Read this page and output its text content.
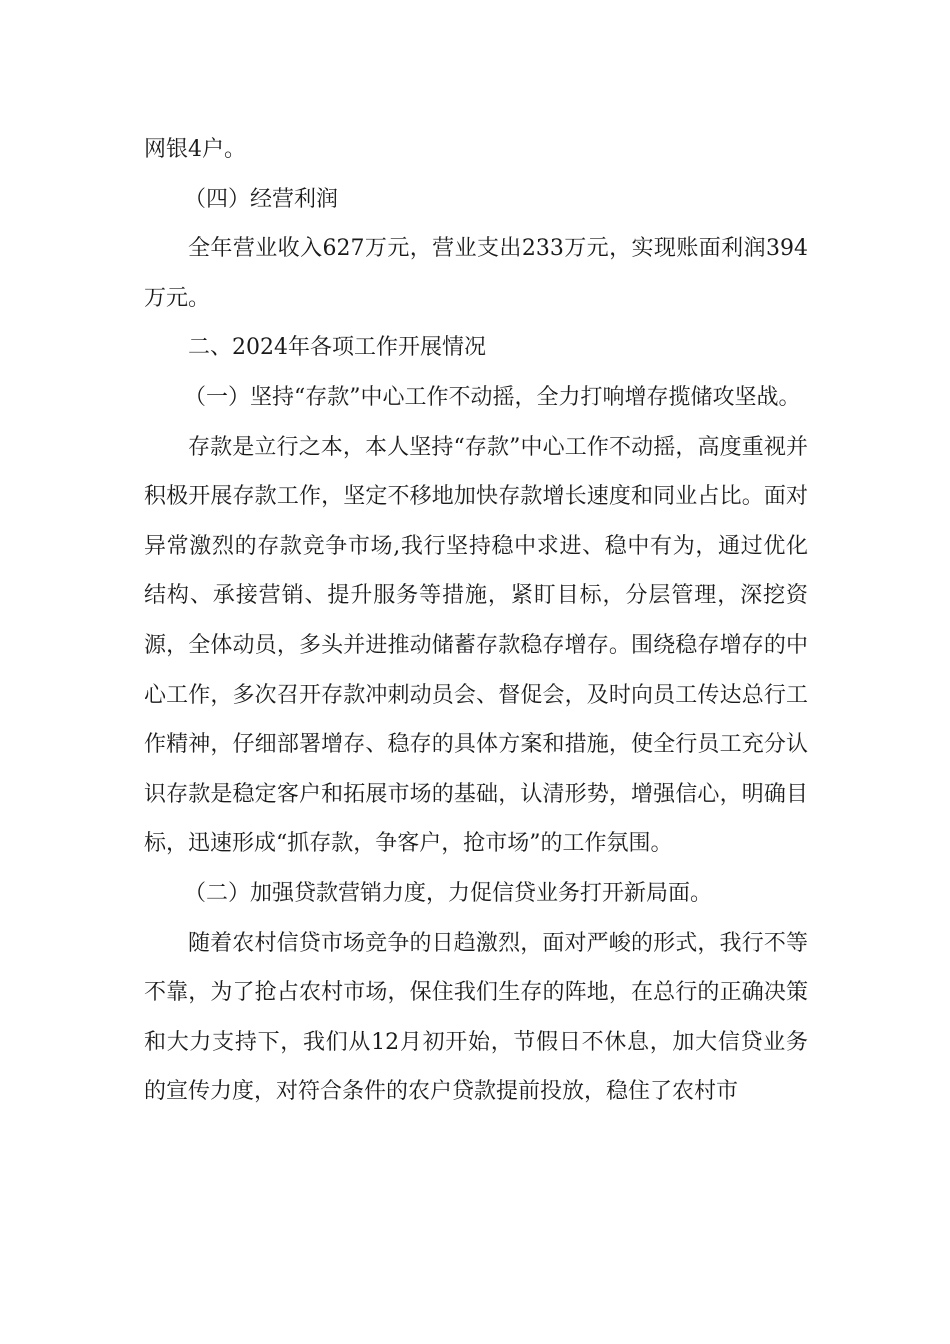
网银4户。

（四）经营利润

全年营业收入627万元，营业支出233万元，实现账面利润394万元。

二、2024年各项工作开展情况

（一）坚持“存款”中心工作不动摇，全力打响增存揽储攻坚战。

存款是立行之本，本人坚持“存款”中心工作不动摇，高度重视并积极开展存款工作，坚定不移地加快存款增长速度和同业占比。面对异常激烈的存款竞争市场,我行坚持稳中求进、稳中有为，通过优化结构、承接营销、提升服务等措施，紧盯目标，分层管理，深挖资源，全体动员，多头并进推动储蓄存款稳存增存。围绕稳存增存的中心工作，多次召开存款冲刺动员会、督促会，及时向员工传达总行工作精神，仔细部署增存、稳存的具体方案和措施，使全行员工充分认识存款是稳定客户和拓展市场的基础，认清形势，增强信心，明确目标，迅速形成“抓存款，争客户，抢市场”的工作氛围。

（二）加强贷款营销力度，力促信贷业务打开新局面。

随着农村信贷市场竞争的日趋激烈，面对严峻的形式，我行不等不靠，为了抢占农村市场，保住我们生存的阵地，在总行的正确决策和大力支持下，我们从12月初开始，节假日不休息，加大信贷业务的宣传力度，对符合条件的农户贷款提前投放，稳住了农村市
